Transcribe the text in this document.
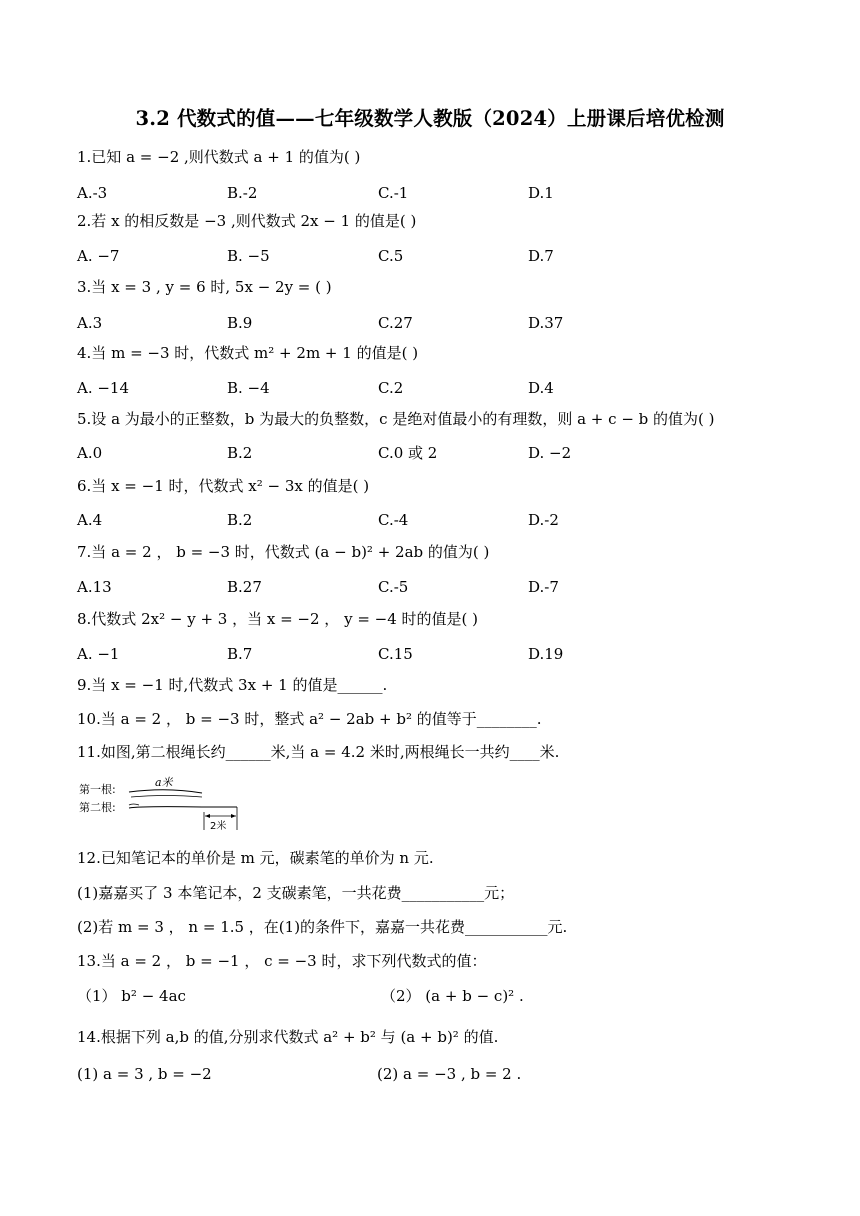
3.2 代数式的值——七年级数学人教版（2024）上册课后培优检测
1.已知 a = −2 ,则代数式 a + 1 的值为( )
A.-3	B.-2	C.-1	D.1
2.若 x 的相反数是 −3 ,则代数式 2x − 1 的值是( )
A. −7	B. −5	C.5	D.7
3.当 x = 3 , y = 6 时, 5x − 2y = ( )
A.3	B.9	C.27	D.37
4.当 m = −3 时，代数式 m² + 2m + 1 的值是( )
A. −14	B. −4	C.2	D.4
5.设 a 为最小的正整数，b 为最大的负整数，c 是绝对值最小的有理数，则 a + c − b 的值为( )
A.0	B.2	C.0 或 2	D. −2
6.当 x = −1 时，代数式 x² − 3x 的值是( )
A.4	B.2	C.-4	D.-2
7.当 a = 2 ， b = −3 时，代数式 (a − b)² + 2ab 的值为( )
A.13	B.27	C.-5	D.-7
8.代数式 2x² − y + 3 ，当 x = −2 ， y = −4 时的值是( )
A. −1	B.7	C.15	D.19
9.当 x = −1 时,代数式 3x + 1 的值是______.
10.当 a = 2 ， b = −3 时，整式 a² − 2ab + b² 的值等于________.
11.如图,第二根绳长约______米,当 a = 4.2 米时,两根绳长一共约____米.
第一根:
第二根:
a米
2米
12.已知笔记本的单价是 m 元，碳素笔的单价为 n 元.
(1)嘉嘉买了 3 本笔记本，2 支碳素笔，一共花费___________元；
(2)若 m = 3 ， n = 1.5 ，在(1)的条件下，嘉嘉一共花费___________元.
13.当 a = 2 ， b = −1 ， c = −3 时，求下列代数式的值：
（1） b² − 4ac	（2） (a + b − c)² .
14.根据下列 a,b 的值,分别求代数式 a² + b² 与 (a + b)² 的值.
(1) a = 3 , b = −2	(2) a = −3 , b = 2 .
